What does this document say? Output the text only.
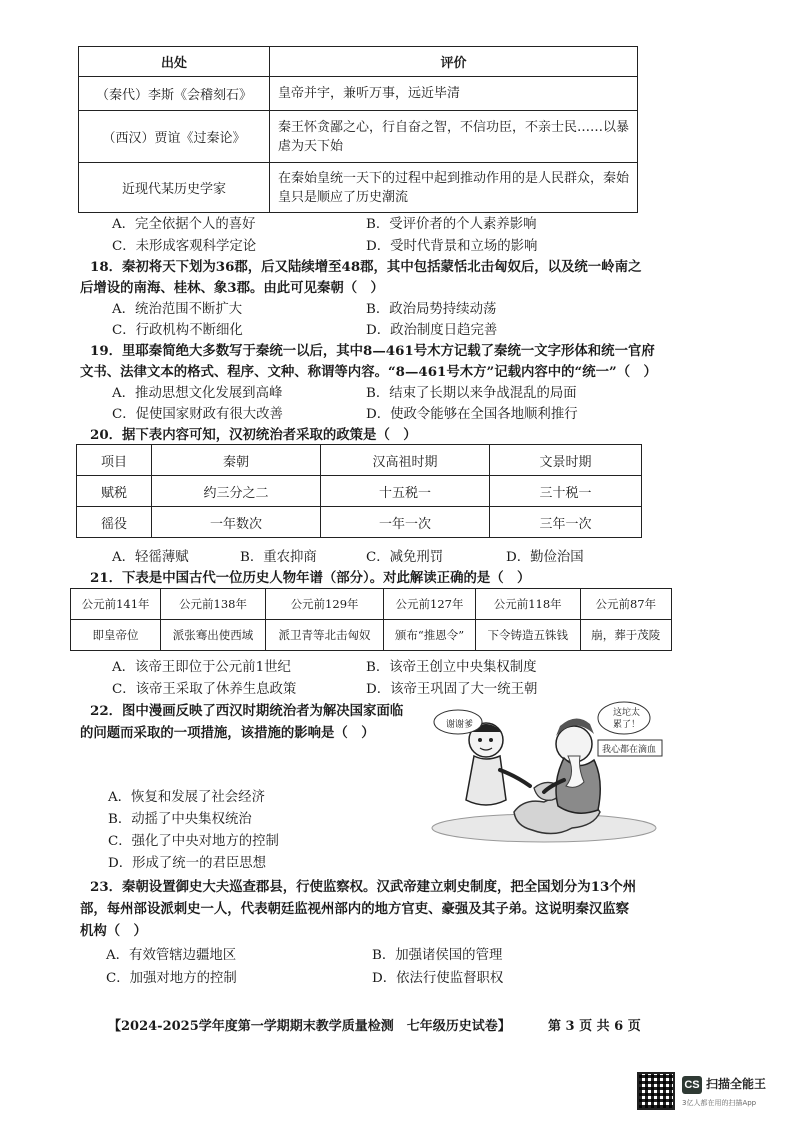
出处	评价
（秦代）李斯《会稽刻石》	皇帝并宇，兼听万事，远近毕清
（西汉）贾谊《过秦论》	秦王怀贪鄙之心，行自奋之智，不信功臣，不亲士民……以暴虐为天下始
近现代某历史学家	在秦始皇统一天下的过程中起到推动作用的是人民群众，秦始皇只是顺应了历史潮流
A．完全依据个人的喜好	B．受评价者的个人素养影响
C．未形成客观科学定论	D．受时代背景和立场的影响
18．秦初将天下划为36郡，后又陆续增至48郡，其中包括蒙恬北击匈奴后，以及统一岭南之
后增设的南海、桂林、象3郡。由此可见秦朝（　）
A．统治范围不断扩大	B．政治局势持续动荡
C．行政机构不断细化	D．政治制度日趋完善
19．里耶秦简绝大多数写于秦统一以后，其中8—461号木方记载了秦统一文字形体和统一官府
文书、法律文本的格式、程序、文种、称谓等内容。“8—461号木方”记载内容中的“统一”（　）
A．推动思想文化发展到高峰	B．结束了长期以来争战混乱的局面
C．促使国家财政有很大改善	D．使政令能够在全国各地顺利推行
20．据下表内容可知，汉初统治者采取的政策是（　）
项目	秦朝	汉高祖时期	文景时期
赋税	约三分之二	十五税一	三十税一
徭役	一年数次	一年一次	三年一次
A．轻徭薄赋	B．重农抑商	C．减免刑罚	D．勤俭治国
21．下表是中国古代一位历史人物年谱（部分）。对此解读正确的是（　）
公元前141年	公元前138年	公元前129年	公元前127年	公元前118年	公元前87年
即皇帝位	派张骞出使西域	派卫青等北击匈奴	颁布“推恩令”	下令铸造五铢钱	崩，葬于茂陵
A．该帝王即位于公元前1世纪	B．该帝王创立中央集权制度
C．该帝王采取了休养生息政策	D．该帝王巩固了大一统王朝
22．图中漫画反映了西汉时期统治者为解决国家面临
的问题而采取的一项措施，该措施的影响是（　）	谢谢爹
这坨太
累了！
我心都在滴血
A．恢复和发展了社会经济
B．动摇了中央集权统治
C．强化了中央对地方的控制
D．形成了统一的君臣思想
23．秦朝设置御史大夫巡查郡县，行使监察权。汉武帝建立刺史制度，把全国划分为13个州
部，每州部设派刺史一人，代表朝廷监视州部内的地方官吏、豪强及其子弟。这说明秦汉监察
机构（　）
A．有效管辖边疆地区	B．加强诸侯国的管理
C．加强对地方的控制	D．依法行使监督职权
【2024-2025学年度第一学期期末教学质量检测　七年级历史试卷】	第 3 页 共 6 页
CS 扫描全能王
3亿人都在用的扫描App
